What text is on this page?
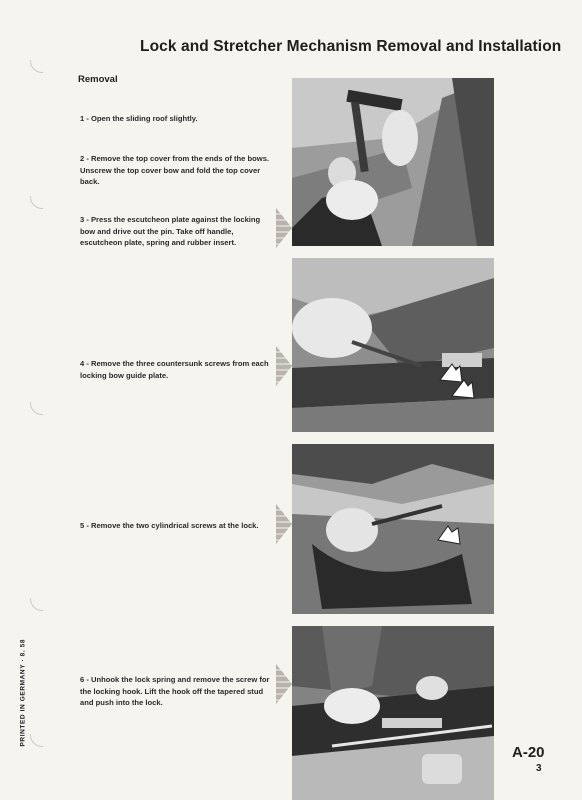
Lock and Stretcher Mechanism Removal and Installation
Removal
1 - Open the sliding roof slightly.
2 - Remove the top cover from the ends of the bows. Unscrew the top cover bow and fold the top cover back.
3 - Press the escutcheon plate against the locking bow and drive out the pin. Take off handle, escutcheon plate, spring and rubber insert.
4 - Remove the three countersunk screws from each locking bow guide plate.
5 - Remove the two cylindrical screws at the lock.
6 - Unhook the lock spring and remove the screw for the locking hook. Lift the hook off the tapered stud and push into the lock.
PRINTED IN GERMANY · 8. 58
A-20
3
